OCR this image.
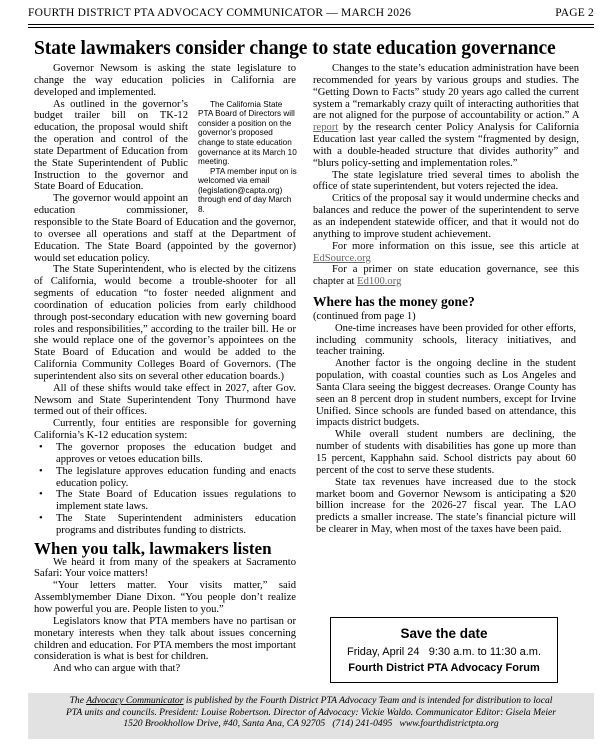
FOURTH DISTRICT PTA ADVOCACY COMMUNICATOR — MARCH 2026	PAGE 2
State lawmakers consider change to state education governance

Governor Newsom is asking the state legislature to change the way education policies in California are developed and implemented.

The California State PTA Board of Directors will consider a position on the governor’s proposed change to state education governance at its March 10 meeting.

PTA member input on is welcomed via email (legislation@capta.org) through end of day March 8.

As outlined in the governor’s budget trailer bill on TK-12 education, the proposal would shift the operation and control of the state Department of Education from the State Superintendent of Public Instruction to the governor and State Board of Education.

The governor would appoint an education commissioner, responsible to the State Board of Education and the governor, to oversee all operations and staff at the Department of Education. The State Board (appointed by the governor) would set education policy.

The State Superintendent, who is elected by the citizens of California, would become a trouble-shooter for all segments of education “to foster needed alignment and coordination of education policies from early childhood through post-secondary education with new governing board roles and responsibilities,” according to the trailer bill. He or she would replace one of the governor’s appointees on the State Board of Education and would be added to the California Community Colleges Board of Governors. (The superintendent also sits on several other education boards.)

All of these shifts would take effect in 2027, after Gov. Newsom and State Superintendent Tony Thurmond have termed out of their offices.

Currently, four entities are responsible for governing California’s K-12 education system:

• The governor proposes the education budget and approves or vetoes education bills.
• The legislature approves education funding and enacts education policy.
• The State Board of Education issues regulations to implement state laws.
• The State Superintendent administers education programs and distributes funding to districts.
When you talk, lawmakers listen

We heard it from many of the speakers at Sacramento Safari: Your voice matters!

“Your letters matter. Your visits matter,” said Assemblymember Diane Dixon. “You people don’t realize how powerful you are. People listen to you.”

Legislators know that PTA members have no partisan or monetary interests when they talk about issues concerning children and education. For PTA members the most important consideration is what is best for children.

And who can argue with that?

Changes to the state’s education administration have been recommended for years by various groups and studies. The “Getting Down to Facts” study 20 years ago called the current system a “remarkably crazy quilt of interacting authorities that are not aligned for the purpose of accountability or action.” A report by the research center Policy Analysis for California Education last year called the system “fragmented by design, with a double-headed structure that divides authority” and “blurs policy-setting and implementation roles.”

The state legislature tried several times to abolish the office of state superintendent, but voters rejected the idea.

Critics of the proposal say it would undermine checks and balances and reduce the power of the superintendent to serve as an independent statewide officer, and that it would not do anything to improve student achievement.

For more information on this issue, see this article at EdSource.org

For a primer on state education governance, see this chapter at Ed100.org

Where has the money gone?

(continued from page 1)

One-time increases have been provided for other efforts, including community schools, literacy initiatives, and teacher training.

Another factor is the ongoing decline in the student population, with coastal counties such as Los Angeles and Santa Clara seeing the biggest decreases. Orange County has seen an 8 percent drop in student numbers, except for Irvine Unified. Since schools are funded based on attendance, this impacts district budgets.

While overall student numbers are declining, the number of students with disabilities has gone up more than 15 percent, Kapphahn said. School districts pay about 60 percent of the cost to serve these students.

State tax revenues have increased due to the stock market boom and Governor Newsom is anticipating a $20 billion increase for the 2026-27 fiscal year. The LAO predicts a smaller increase. The state’s financial picture will be clearer in May, when most of the taxes have been paid.

Save the date
Friday, April 24   9:30 a.m. to 11:30 a.m.
Fourth District PTA Advocacy Forum

The Advocacy Communicator is published by the Fourth District PTA Advocacy Team and is intended for distribution to local

PTA units and councils. President: Louise Robertson. Director of Advocacy: Vickie Waldo. Communicator Editor: Gisela Meier

1520 Brookhollow Drive, #40, Santa Ana, CA 92705   (714) 241-0495   www.fourthdistrictpta.org
